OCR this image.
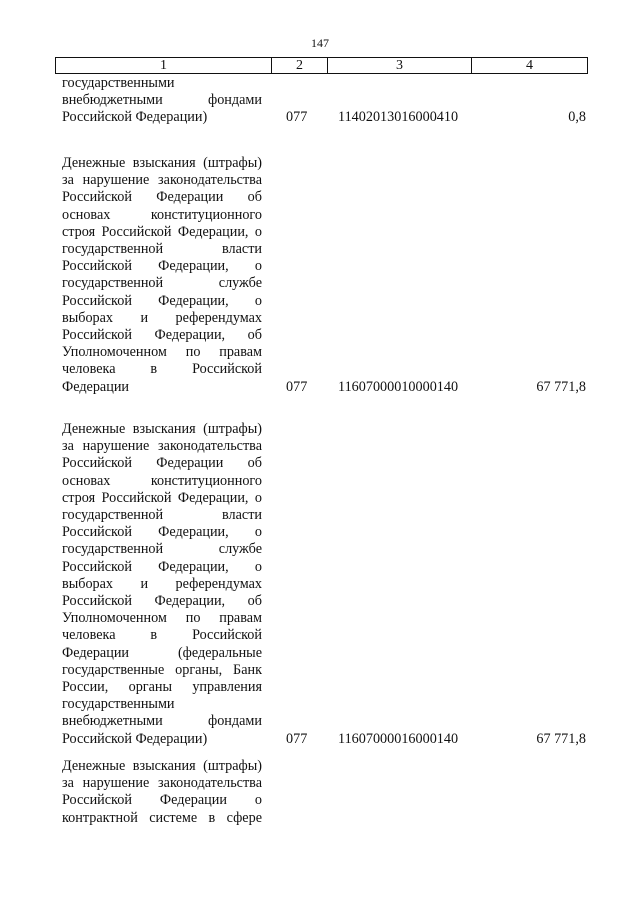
147
1	2	3	4
государственными
внебюджетными фондами
Российской Федерации)	077	11402013016000410	0,8
Денежные взыскания (штрафы)
за нарушение законодательства
Российской Федерации об
основах конституционного
строя Российской Федерации, о
государственной власти
Российской Федерации, о
государственной службе
Российской Федерации, о
выборах и референдумах
Российской Федерации, об
Уполномоченном по правам
человека в Российской
Федерации	077	11607000010000140	67 771,8
Денежные взыскания (штрафы)
за нарушение законодательства
Российской Федерации об
основах конституционного
строя Российской Федерации, о
государственной власти
Российской Федерации, о
государственной службе
Российской Федерации, о
выборах и референдумах
Российской Федерации, об
Уполномоченном по правам
человека в Российской
Федерации (федеральные
государственные органы, Банк
России, органы управления
государственными
внебюджетными фондами
Российской Федерации)	077	11607000016000140	67 771,8
Денежные взыскания (штрафы)
за нарушение законодательства
Российской Федерации о
контрактной системе в сфере
